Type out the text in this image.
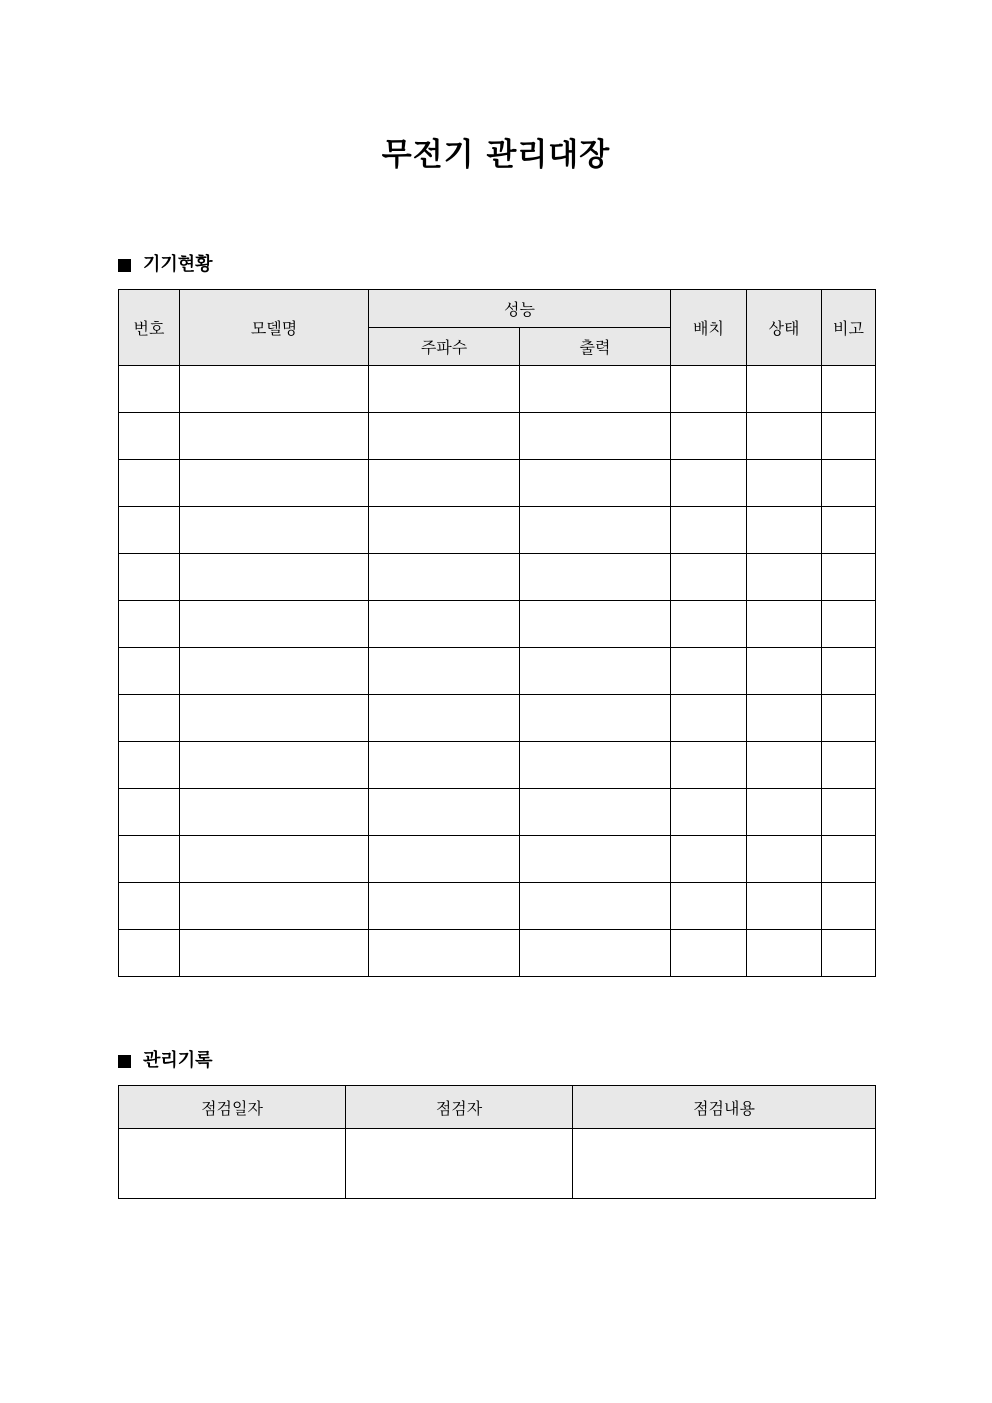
무전기 관리대장
기기현황
번호	모델명	성능		배치	상태	비고
		주파수	출력			

관리기록
점검일자	점검자	점검내용
